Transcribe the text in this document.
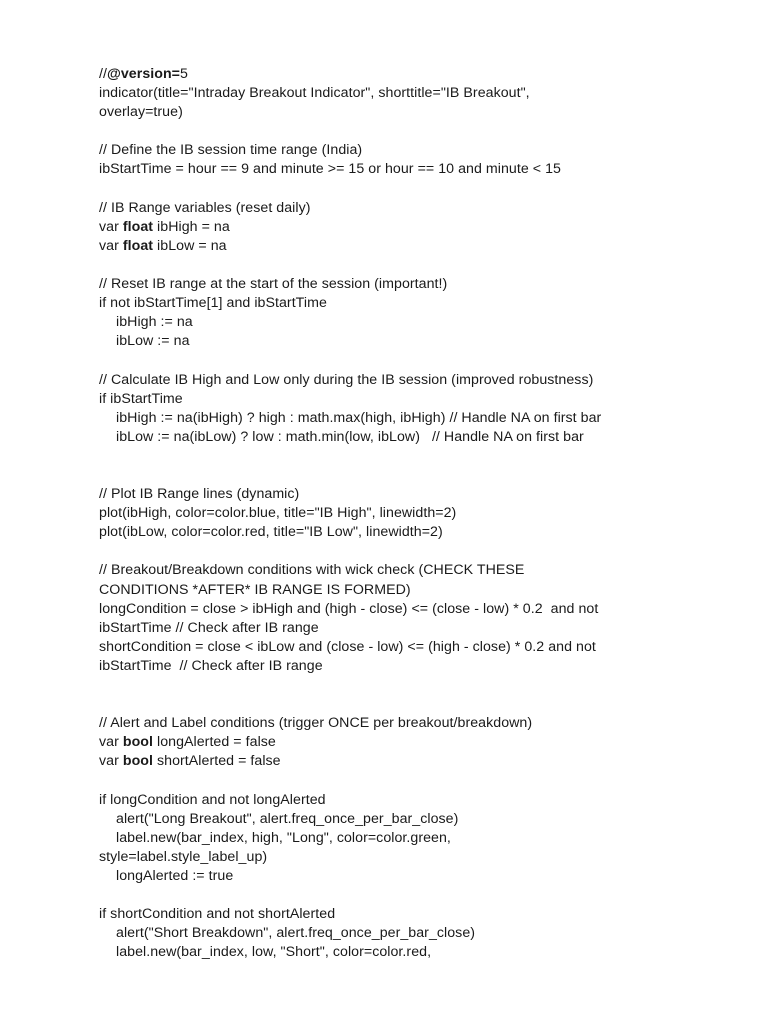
//@version=5
indicator(title="Intraday Breakout Indicator", shorttitle="IB Breakout",
overlay=true)
// Define the IB session time range (India)
ibStartTime = hour == 9 and minute >= 15 or hour == 10 and minute < 15
// IB Range variables (reset daily)
var float ibHigh = na
var float ibLow = na
// Reset IB range at the start of the session (important!)
if not ibStartTime[1] and ibStartTime
ibHigh := na
ibLow := na
// Calculate IB High and Low only during the IB session (improved robustness)
if ibStartTime
ibHigh := na(ibHigh) ? high : math.max(high, ibHigh) // Handle NA on first bar
ibLow := na(ibLow) ? low : math.min(low, ibLow)   // Handle NA on first bar
// Plot IB Range lines (dynamic)
plot(ibHigh, color=color.blue, title="IB High", linewidth=2)
plot(ibLow, color=color.red, title="IB Low", linewidth=2)
// Breakout/Breakdown conditions with wick check (CHECK THESE
CONDITIONS *AFTER* IB RANGE IS FORMED)
longCondition = close > ibHigh and (high - close) <= (close - low) * 0.2  and not
ibStartTime // Check after IB range
shortCondition = close < ibLow and (close - low) <= (high - close) * 0.2 and not
ibStartTime  // Check after IB range
// Alert and Label conditions (trigger ONCE per breakout/breakdown)
var bool longAlerted = false
var bool shortAlerted = false
if longCondition and not longAlerted
alert("Long Breakout", alert.freq_once_per_bar_close)
label.new(bar_index, high, "Long", color=color.green,
style=label.style_label_up)
longAlerted := true
if shortCondition and not shortAlerted
alert("Short Breakdown", alert.freq_once_per_bar_close)
label.new(bar_index, low, "Short", color=color.red,
